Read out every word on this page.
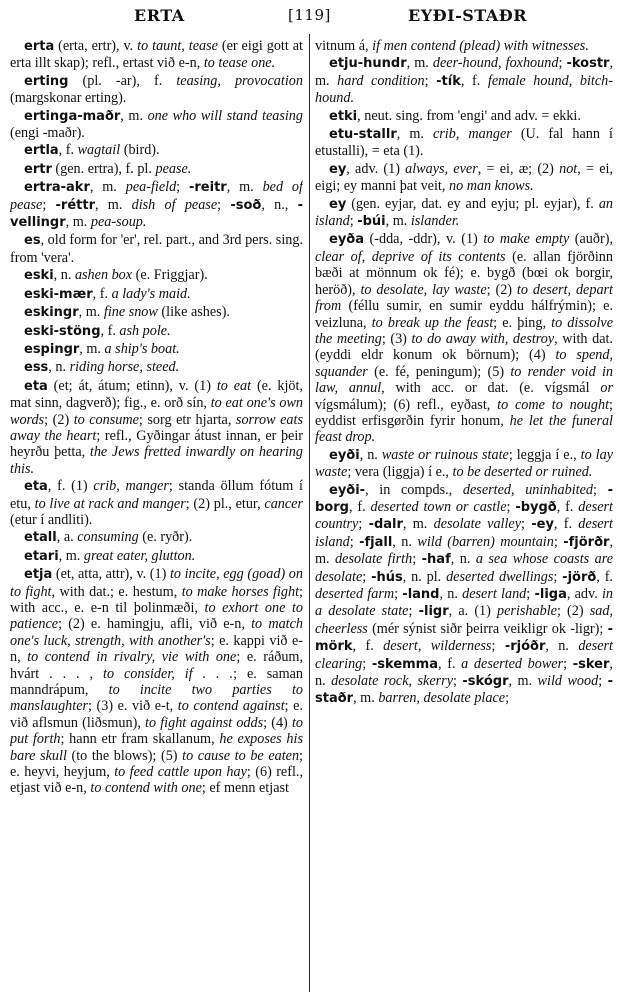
ERTA	[119]	EYÐI-STAÐR
erta (erta, ertr), v. to taunt, tease (er eigi gott at erta illt skap); refl., ertast við e-n, to tease one.
erting (pl. -ar), f. teasing, provocation (margskonar erting).
ertinga-maðr, m. one who will stand teasing (engi -maðr).
ertla, f. wagtail (bird).
ertr (gen. ertra), f. pl. pease.
ertra-akr, m. pea-field; -reitr, m. bed of pease; -réttr, m. dish of pease; -soð, n., -vellingr, m. pea-soup.
es, old form for 'er', rel. part., and 3rd pers. sing. from 'vera'.
eski, n. ashen box (e. Friggjar).
eski-mær, f. a lady's maid.
eskingr, m. fine snow (like ashes).
eski-stöng, f. ash pole.
espingr, m. a ship's boat.
ess, n. riding horse, steed.
eta (et; át, átum; etinn), v. (1) to eat (e. kjöt, mat sinn, dagverð); fig., e. orð sín, to eat one's own words; (2) to consume; sorg etr hjarta, sorrow eats away the heart; refl., Gyðingar átust innan, er þeir heyrðu þetta, the Jews fretted inwardly on hearing this.
eta, f. (1) crib, manger; standa öllum fótum í etu, to live at rack and manger; (2) pl., etur, cancer (etur í andliti).
etall, a. consuming (e. ryðr).
etari, m. great eater, glutton.
etja (et, atta, attr), v. (1) to incite, egg (goad) on to fight, with dat.; e. hestum, to make horses fight; with acc., e. e-n til þolinmæði, to exhort one to patience; (2) e. hamingju, afli, við e-n, to match one's luck, strength, with another's; e. kappi við e-n, to contend in rivalry, vie with one; e. ráðum, hvárt . . . , to consider, if . . .; e. saman manndrápum, to incite two parties to manslaughter; (3) e. við e-t, to contend against; e. við aflsmun (liðsmun), to fight against odds; (4) to put forth; hann etr fram skallanum, he exposes his bare skull (to the blows); (5) to cause to be eaten; e. heyvi, heyjum, to feed cattle upon hay; (6) refl., etjast við e-n, to contend with one; ef menn etjast
vitnum á, if men contend (plead) with witnesses.
etju-hundr, m. deer-hound, foxhound; -kostr, m. hard condition; -tík, f. female hound, bitch-hound.
etki, neut. sing. from 'engi' and adv. = ekki.
etu-stallr, m. crib, manger (U. fal hann í etustalli), = eta (1).
ey, adv. (1) always, ever, = ei, æ; (2) not, = ei, eigi; ey manni þat veit, no man knows.
ey (gen. eyjar, dat. ey and eyju; pl. eyjar), f. an island; -búi, m. islander.
eyða (-dda, -ddr), v. (1) to make empty (auðr), clear of, deprive of its contents (e. allan fjörðinn bæði at mönnum ok fé); e. bygð (bœi ok borgir, heröð), to desolate, lay waste; (2) to desert, depart from (féllu sumir, en sumir eyddu hálfrýmin); e. veizluna, to break up the feast; e. þing, to dissolve the meeting; (3) to do away with, destroy, with dat. (eyddi eldr konum ok börnum); (4) to spend, squander (e. fé, peningum); (5) to render void in law, annul, with acc. or dat. (e. vígsmál or vígsmálum); (6) refl., eyðast, to come to nought; eyddist erfisgørðin fyrir honum, he let the funeral feast drop.
eyði, n. waste or ruinous state; leggja í e., to lay waste; vera (liggja) í e., to be deserted or ruined.
eyði-, in compds., deserted, uninhabited; -borg, f. deserted town or castle; -bygð, f. desert country; -dalr, m. desolate valley; -ey, f. desert island; -fjall, n. wild (barren) mountain; -fjörðr, m. desolate firth; -haf, n. a sea whose coasts are desolate; -hús, n. pl. deserted dwellings; -jörð, f. deserted farm; -land, n. desert land; -liga, adv. in a desolate state; -ligr, a. (1) perishable; (2) sad, cheerless (mér sýnist siðr þeirra veikligr ok -ligr); -mörk, f. desert, wilderness; -rjóðr, n. desert clearing; -skemma, f. a deserted bower; -sker, n. desolate rock, skerry; -skógr, m. wild wood; -staðr, m. barren, desolate place;
